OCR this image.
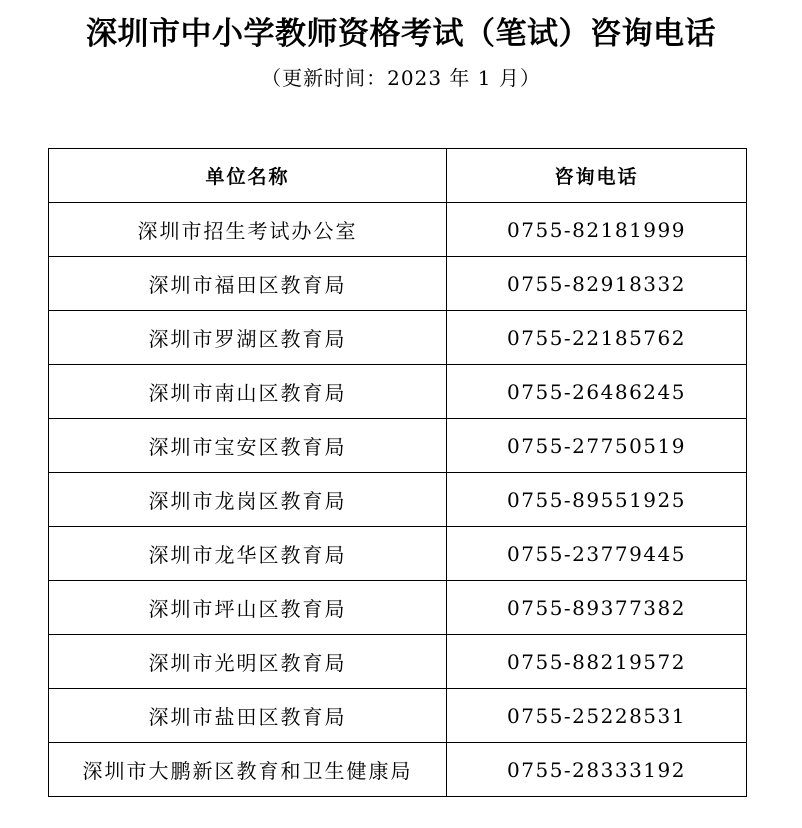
深圳市中小学教师资格考试（笔试）咨询电话
（更新时间：2023 年 1 月）
单位名称	咨询电话
深圳市招生考试办公室	0755-82181999
深圳市福田区教育局	0755-82918332
深圳市罗湖区教育局	0755-22185762
深圳市南山区教育局	0755-26486245
深圳市宝安区教育局	0755-27750519
深圳市龙岗区教育局	0755-89551925
深圳市龙华区教育局	0755-23779445
深圳市坪山区教育局	0755-89377382
深圳市光明区教育局	0755-88219572
深圳市盐田区教育局	0755-25228531
深圳市大鹏新区教育和卫生健康局	0755-28333192
